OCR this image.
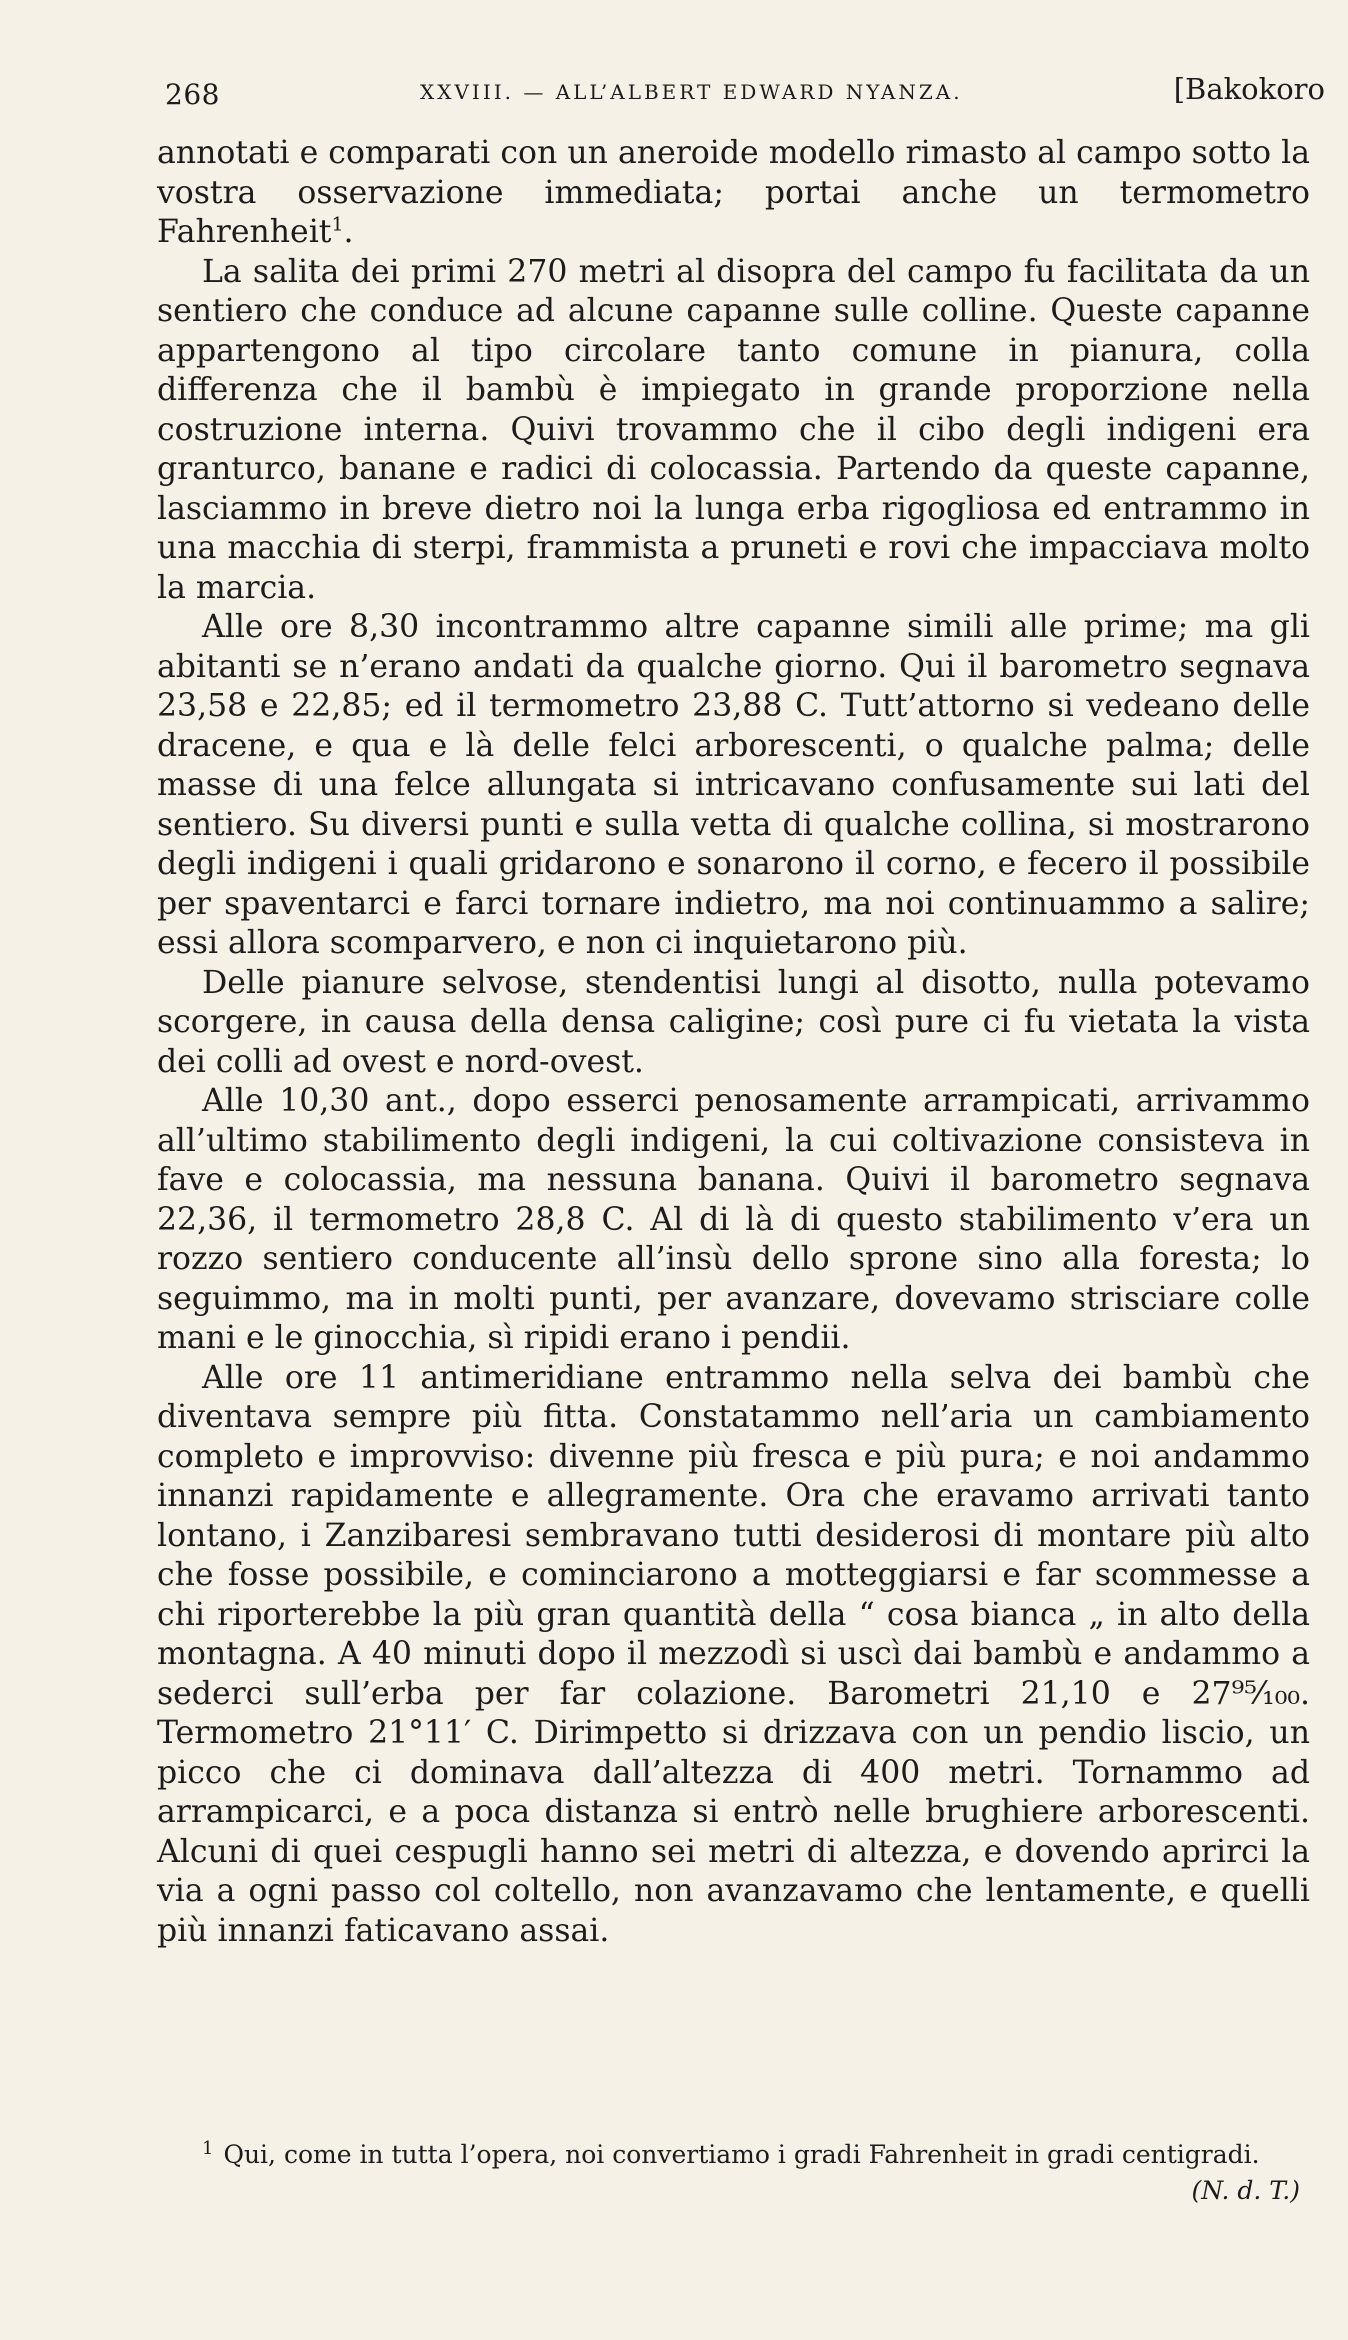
268	XXVIII. — ALL’ALBERT EDWARD NYANZA.	[Bakokoro

annotati e comparati con un aneroide modello rimasto al campo sotto la vostra osservazione immediata; portai anche un termometro Fahrenheit$^1$.

La salita dei primi 270 metri al disopra del campo fu facilitata da un sentiero che conduce ad alcune capanne sulle colline. Queste capanne appartengono al tipo circolare tanto comune in pianura, colla differenza che il bambù è impiegato in grande proporzione nella costruzione interna. Quivi trovammo che il cibo degli indigeni era granturco, banane e radici di colocassia. Partendo da queste capanne, lasciammo in breve dietro noi la lunga erba rigogliosa ed entrammo in una macchia di sterpi, frammista a pruneti e rovi che impacciava molto la marcia.

Alle ore 8,30 incontrammo altre capanne simili alle prime; ma gli abitanti se n’erano andati da qualche giorno. Qui il barometro segnava 23,58 e 22,85; ed il termometro 23,88 C. Tutt’attorno si vedeano delle dracene, e qua e là delle felci arborescenti, o qualche palma; delle masse di una felce allungata si intricavano confusamente sui lati del sentiero. Su diversi punti e sulla vetta di qualche collina, si mostrarono degli indigeni i quali gridarono e sonarono il corno, e fecero il possibile per spaventarci e farci tornare indietro, ma noi continuammo a salire; essi allora scomparvero, e non ci inquietarono più.

Delle pianure selvose, stendentisi lungi al disotto, nulla potevamo scorgere, in causa della densa caligine; così pure ci fu vietata la vista dei colli ad ovest e nord-ovest.

Alle 10,30 ant., dopo esserci penosamente arrampicati, arrivammo all’ultimo stabilimento degli indigeni, la cui coltivazione consisteva in fave e colocassia, ma nessuna banana. Quivi il barometro segnava 22,36, il termometro 28,8 C. Al di là di questo stabilimento v’era un rozzo sentiero conducente all’insù dello sprone sino alla foresta; lo seguimmo, ma in molti punti, per avanzare, dovevamo strisciare colle mani e le ginocchia, sì ripidi erano i pendii.

Alle ore 11 antimeridiane entrammo nella selva dei bambù che diventava sempre più fitta. Constatammo nell’aria un cambiamento completo e improvviso: divenne più fresca e più pura; e noi andammo innanzi rapidamente e allegramente. Ora che eravamo arrivati tanto lontano, i Zanzibaresi sembravano tutti desiderosi di montare più alto che fosse possibile, e cominciarono a motteggiarsi e far scommesse a chi riporterebbe la più gran quantità della “ cosa bianca „ in alto della montagna. A 40 minuti dopo il mezzodì si uscì dai bambù e andammo a sederci sull’erba per far colazione. Barometri 21,10 e 27⁹⁵⁄₁₀₀. Termometro 21°11′ C. Dirimpetto si drizzava con un pendio liscio, un picco che ci dominava dall’altezza di 400 metri. Tornammo ad arrampicarci, e a poca distanza si entrò nelle brughiere arborescenti. Alcuni di quei cespugli hanno sei metri di altezza, e dovendo aprirci la via a ogni passo col coltello, non avanzavamo che lentamente, e quelli più innanzi faticavano assai.

$^1$ Qui, come in tutta l’opera, noi convertiamo i gradi Fahrenheit in gradi centigradi.
(N. d. T.)
